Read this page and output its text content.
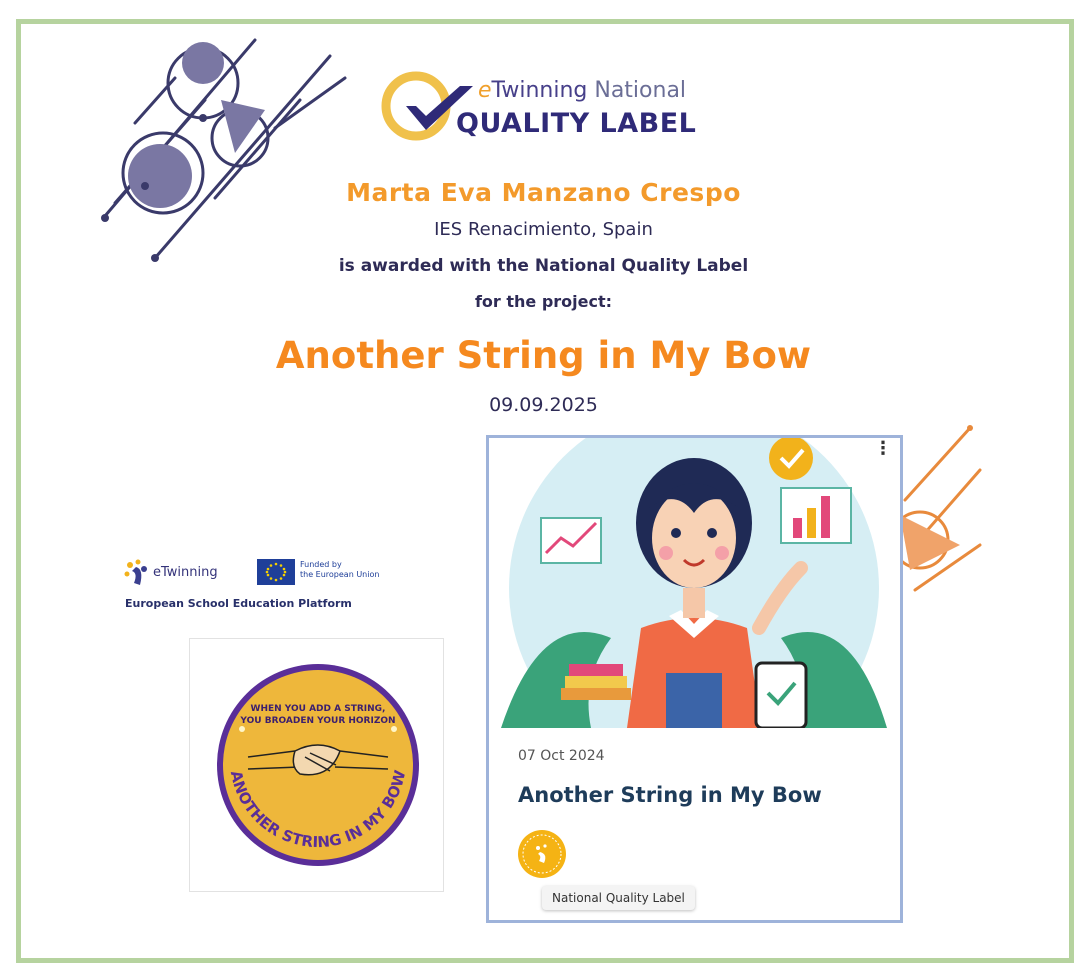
eTwinning National
QUALITY LABEL
Marta Eva Manzano Crespo
IES Renacimiento, Spain
is awarded with the National Quality Label
for the project:
Another String in My Bow
09.09.2025
eTwinning
Funded by
the European Union
European School Education Platform
WHEN YOU ADD A STRING,
YOU BROADEN YOUR HORIZON
ANOTHER STRING IN MY BOW
⋮
07 Oct 2024
Another String in My Bow
National Quality Label
